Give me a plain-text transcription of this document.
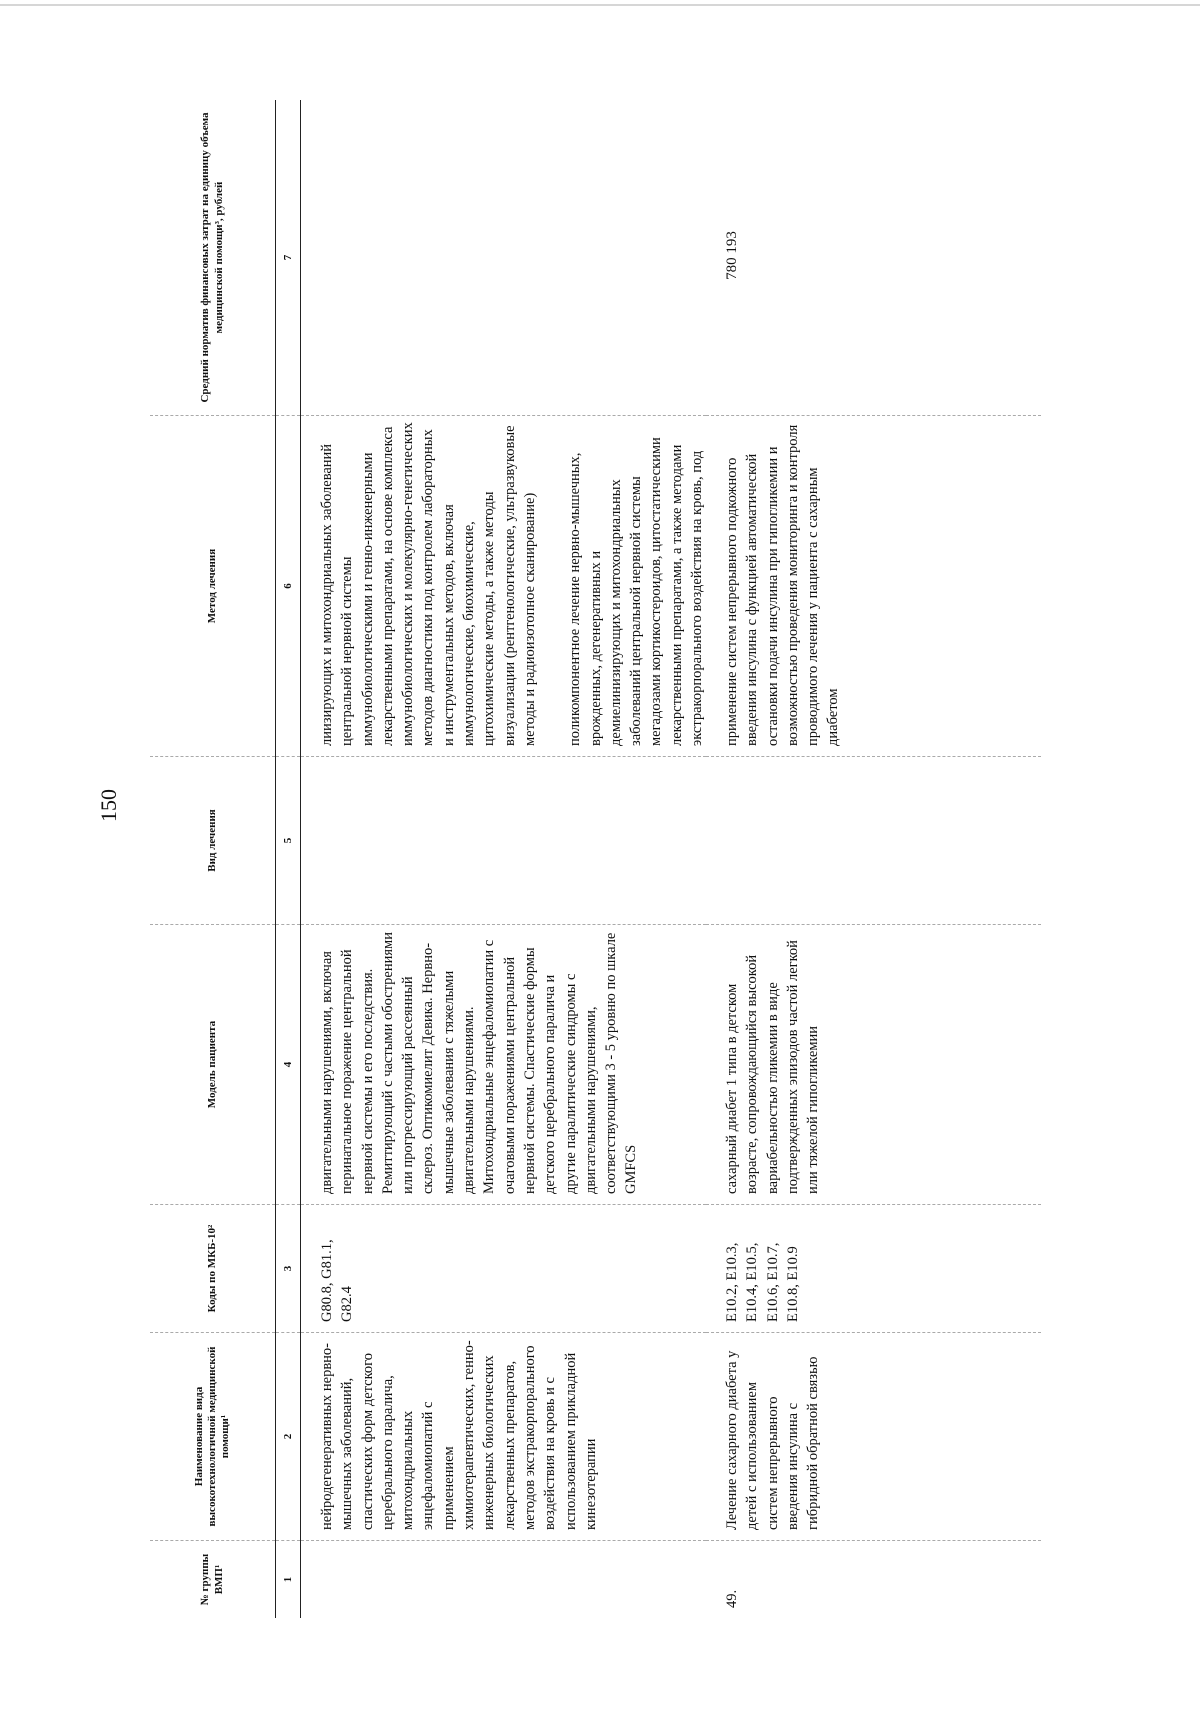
150
№ группы ВМП¹
Наименование вида высокотехнологичной медицинской помощи¹
Коды по МКБ-10²
Модель пациента
Вид лечения
Метод лечения
Средний норматив финансовых затрат на единицу объема медицинской помощи³, рублей
1
2
3
4
5
6
7
нейродегенеративных нервно-мышечных заболеваний, спастических форм детского церебрального паралича, митохондриальных энцефаломиопатий с применением химиотерапевтических, генно-инженерных биологических лекарственных препаратов, методов экстракорпорального воздействия на кровь и с использованием прикладной кинезотерапии
G80.8, G81.1, G82.4
двигательными нарушениями, включая перинатальное поражение центральной нервной системы и его последствия. Ремиттирующий с частыми обострениями или прогрессирующий рассеянный склероз. Оптикомиелит Девика. Нервно-мышечные заболевания с тяжелыми двигательными нарушениями. Митохондриальные энцефаломиопатии с очаговыми поражениями центральной нервной системы. Спастические формы детского церебрального паралича и другие паралитические синдромы с двигательными нарушениями, соответствующими 3 - 5 уровню по шкале GMFCS

лиизирующих и митохондриальных заболеваний центральной нервной системы иммунобиологическими и генно-инженерными лекарственными препаратами, на основе комплекса иммунобиологических и молекулярно-генетических методов диагностики под контролем лабораторных и инструментальных методов, включая иммунологические, биохимические, цитохимические методы, а также методы визуализации (рентгенологические, ультразвуковые методы и радиоизотопное сканирование) поликомпонентное лечение нервно-мышечных, врожденных, дегенеративных и демиелинизирующих и митохондриальных заболеваний центральной нервной системы мегадозами кортикостероидов, цитостатическими лекарственными препаратами, а также методами экстракорпорального воздействия на кровь, под

49.
Лечение сахарного диабета у детей с использованием систем непрерывного введения инсулина с гибридной обратной связью
E10.2, E10.3, E10.4, E10.5, E10.6, E10.7, E10.8, E10.9
сахарный диабет 1 типа в детском возрасте, сопровождающийся высокой вариабельностью гликемии в виде подтвержденных эпизодов частой легкой или тяжелой гипогликемии

применение систем непрерывного подкожного введения инсулина с функцией автоматической остановки подачи инсулина при гипогликемии и возможностью проведения мониторинга и контроля проводимого лечения у пациента с сахарным диабетом

780 193
